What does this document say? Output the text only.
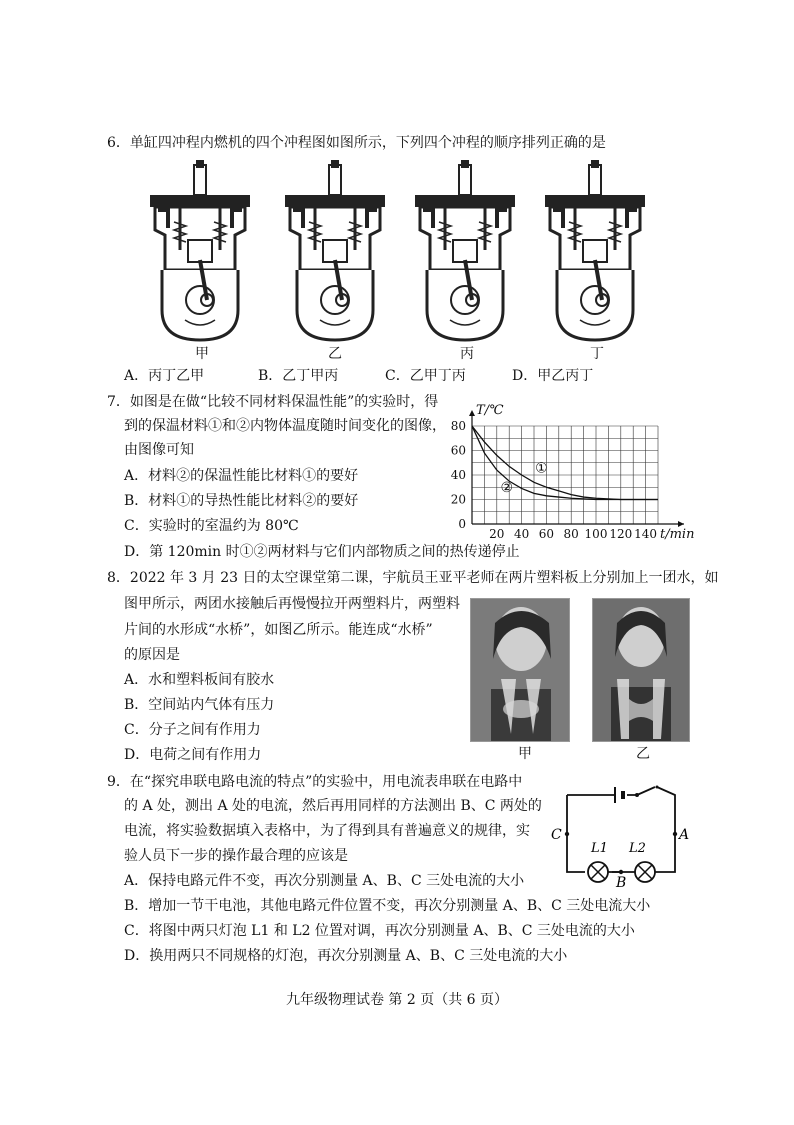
6．单缸四冲程内燃机的四个冲程图如图所示，下列四个冲程的顺序排列正确的是
甲	乙	丙	丁
A．丙丁乙甲	B．乙丁甲丙	C．乙甲丁丙	D．甲乙丙丁
7．如图是在做“比较不同材料保温性能”的实验时，得
到的保温材料①和②内物体温度随时间变化的图像，
由图像可知
A．材料②的保温性能比材料①的要好
B．材料①的导热性能比材料②的要好
C．实验时的室温约为 80℃
D．第 120min 时①②两材料与它们内部物质之间的热传递停止
20 40 60 80 100 120 140
0
20
40
60
80
T/℃
t/min
①
②
8．2022 年 3 月 23 日的太空课堂第二课，宇航员王亚平老师在两片塑料板上分别加上一团水，如
图甲所示，两团水接触后再慢慢拉开两塑料片，两塑料
片间的水形成“水桥”，如图乙所示。能连成“水桥”
的原因是
A．水和塑料板间有胶水
B．空间站内气体有压力
C．分子之间有作用力
D．电荷之间有作用力	甲	乙
9．在“探究串联电路电流的特点”的实验中，用电流表串联在电路中
的 A 处，测出 A 处的电流，然后再用同样的方法测出 B、C 两处的
电流，将实验数据填入表格中，为了得到具有普遍意义的规律，实
验人员下一步的操作最合理的应该是
A．保持电路元件不变，再次分别测量 A、B、C 三处电流的大小
B．增加一节干电池，其他电路元件位置不变，再次分别测量 A、B、C 三处电流大小
C．将图中两只灯泡 L1 和 L2 位置对调，再次分别测量 A、B、C 三处电流的大小
D．换用两只不同规格的灯泡，再次分别测量 A、B、C 三处电流的大小
C	A
B
L1 L2
九年级物理试卷 第 2 页（共 6 页）
